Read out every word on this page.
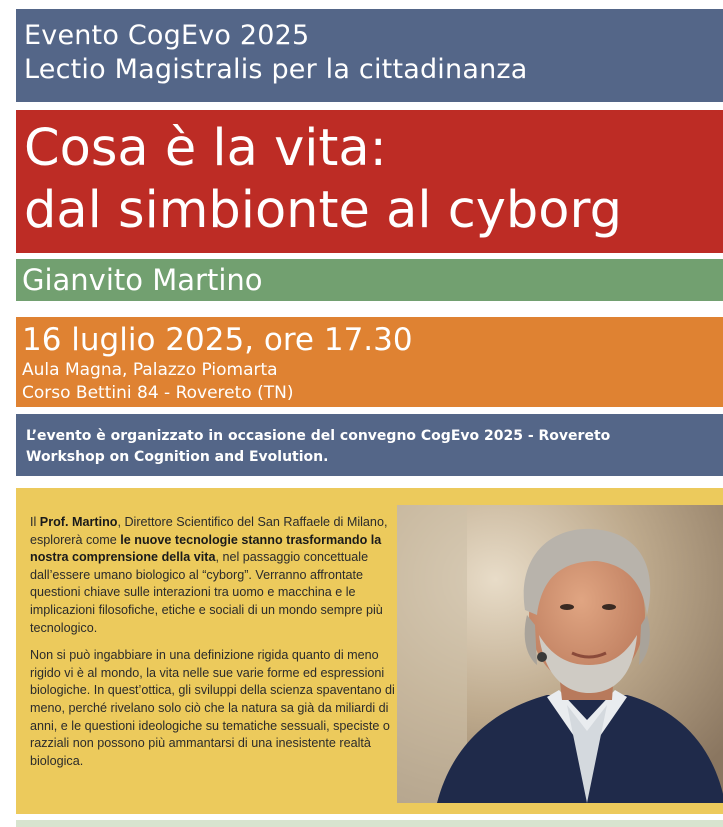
Evento CogEvo 2025
Lectio Magistralis per la cittadinanza
Cosa è la vita:
dal simbionte al cyborg
Gianvito Martino
16 luglio 2025, ore 17.30
Aula Magna, Palazzo Piomarta
Corso Bettini 84 - Rovereto (TN)
L’evento è organizzato in occasione del convegno CogEvo 2025 - Rovereto
Workshop on Cognition and Evolution.

Il Prof. Martino, Direttore Scientifico del San Raffaele di Milano, esplorerà come le nuove tecnologie stanno trasformando la nostra comprensione della vita, nel passaggio concettuale dall’essere umano biologico al “cyborg”. Verranno affrontate questioni chiave sulle interazioni tra uomo e macchina e le implicazioni filosofiche, etiche e sociali di un mondo sempre più tecnologico.

Non si può ingabbiare in una definizione rigida quanto di meno rigido vi è al mondo, la vita nelle sue varie forme ed espressioni biologiche. In quest’ottica, gli sviluppi della scienza spaventano di meno, perché rivelano solo ciò che la natura sa già da miliardi di anni, e le questioni ideologiche su tematiche sessuali, speciste o razziali non possono più ammantarsi di una inesistente realtà biologica.
